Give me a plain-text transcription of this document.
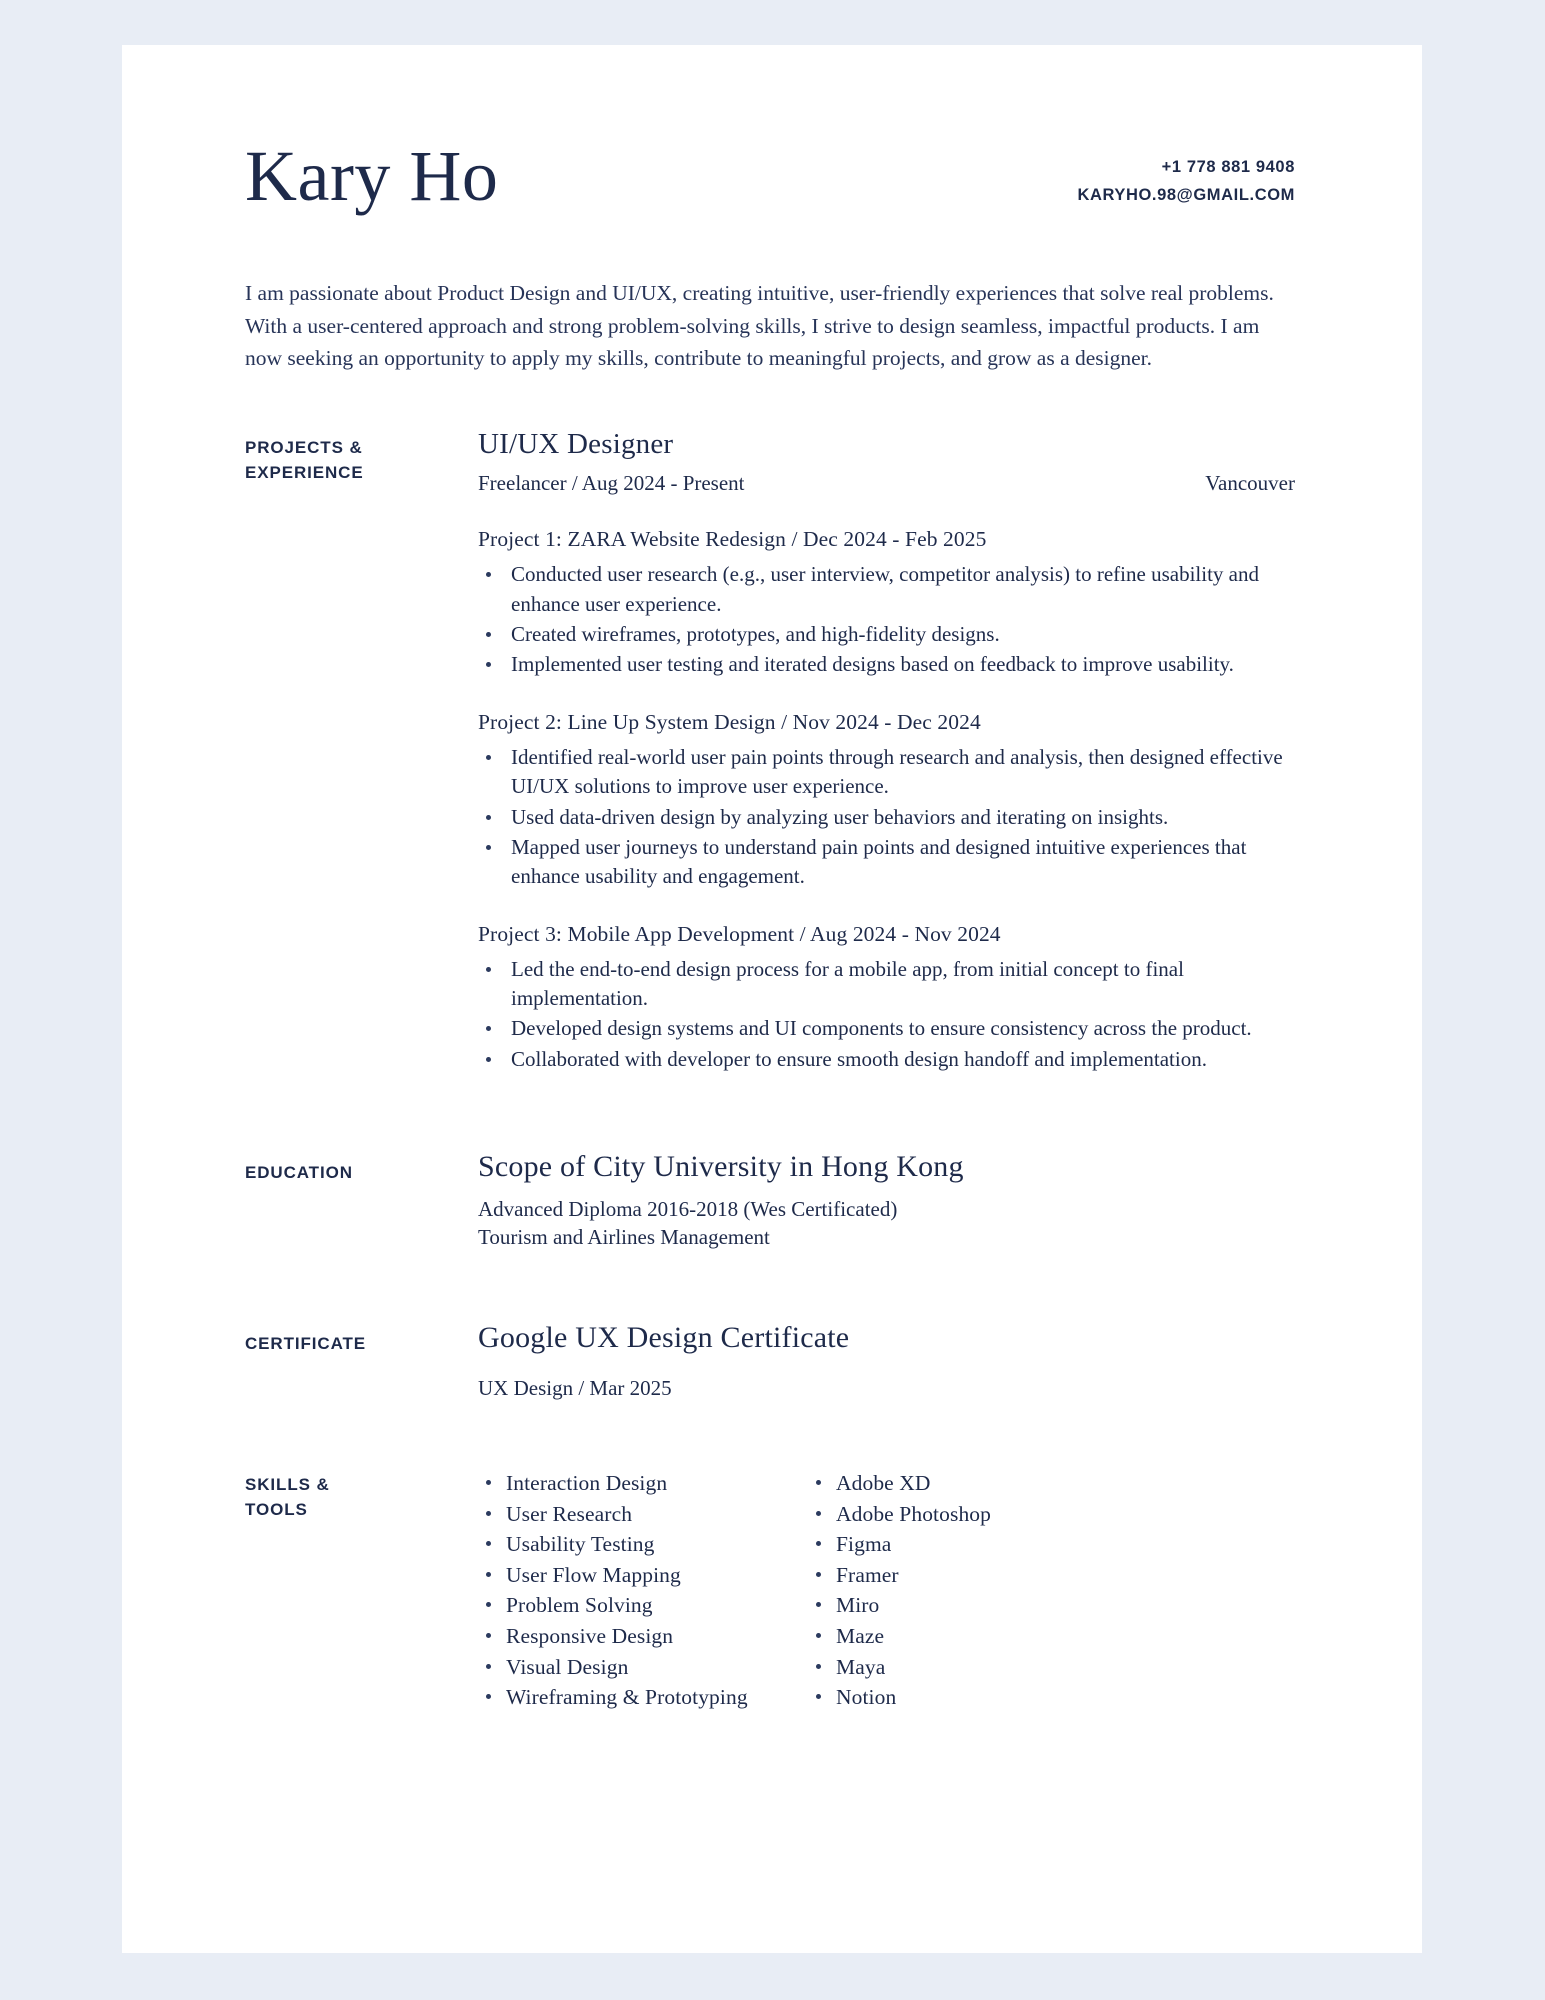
Kary Ho	+1 778 881 9408
KARYHO.98@GMAIL.COM
I am passionate about Product Design and UI/UX, creating intuitive, user-friendly experiences that solve real problems. With a user-centered approach and strong problem-solving skills, I strive to design seamless, impactful products. I am now seeking an opportunity to apply my skills, contribute to meaningful projects, and grow as a designer.
PROJECTS &
EXPERIENCE
UI/UX Designer
Freelancer / Aug 2024 - Present	Vancouver
Project 1: ZARA Website Redesign / Dec 2024 - Feb 2025
Conducted user research (e.g., user interview, competitor analysis) to refine usability and enhance user experience.
Created wireframes, prototypes, and high-fidelity designs.
Implemented user testing and iterated designs based on feedback to improve usability.
Project 2: Line Up System Design / Nov 2024 - Dec 2024
Identified real-world user pain points through research and analysis, then designed effective UI/UX solutions to improve user experience.
Used data-driven design by analyzing user behaviors and iterating on insights.
Mapped user journeys to understand pain points and designed intuitive experiences that enhance usability and engagement.
Project 3: Mobile App Development / Aug 2024 - Nov 2024
Led the end-to-end design process for a mobile app, from initial concept to final implementation.
Developed design systems and UI components to ensure consistency across the product.
Collaborated with developer to ensure smooth design handoff and implementation.
EDUCATION	Scope of City University in Hong Kong
Advanced Diploma 2016-2018 (Wes Certificated)
Tourism and Airlines Management
CERTIFICATE	Google UX Design Certificate
UX Design / Mar 2025
SKILLS &
TOOLS
Interaction Design
User Research
Usability Testing
User Flow Mapping
Problem Solving
Responsive Design
Visual Design
Wireframing & Prototyping
Adobe XD
Adobe Photoshop
Figma
Framer
Miro
Maze
Maya
Notion
